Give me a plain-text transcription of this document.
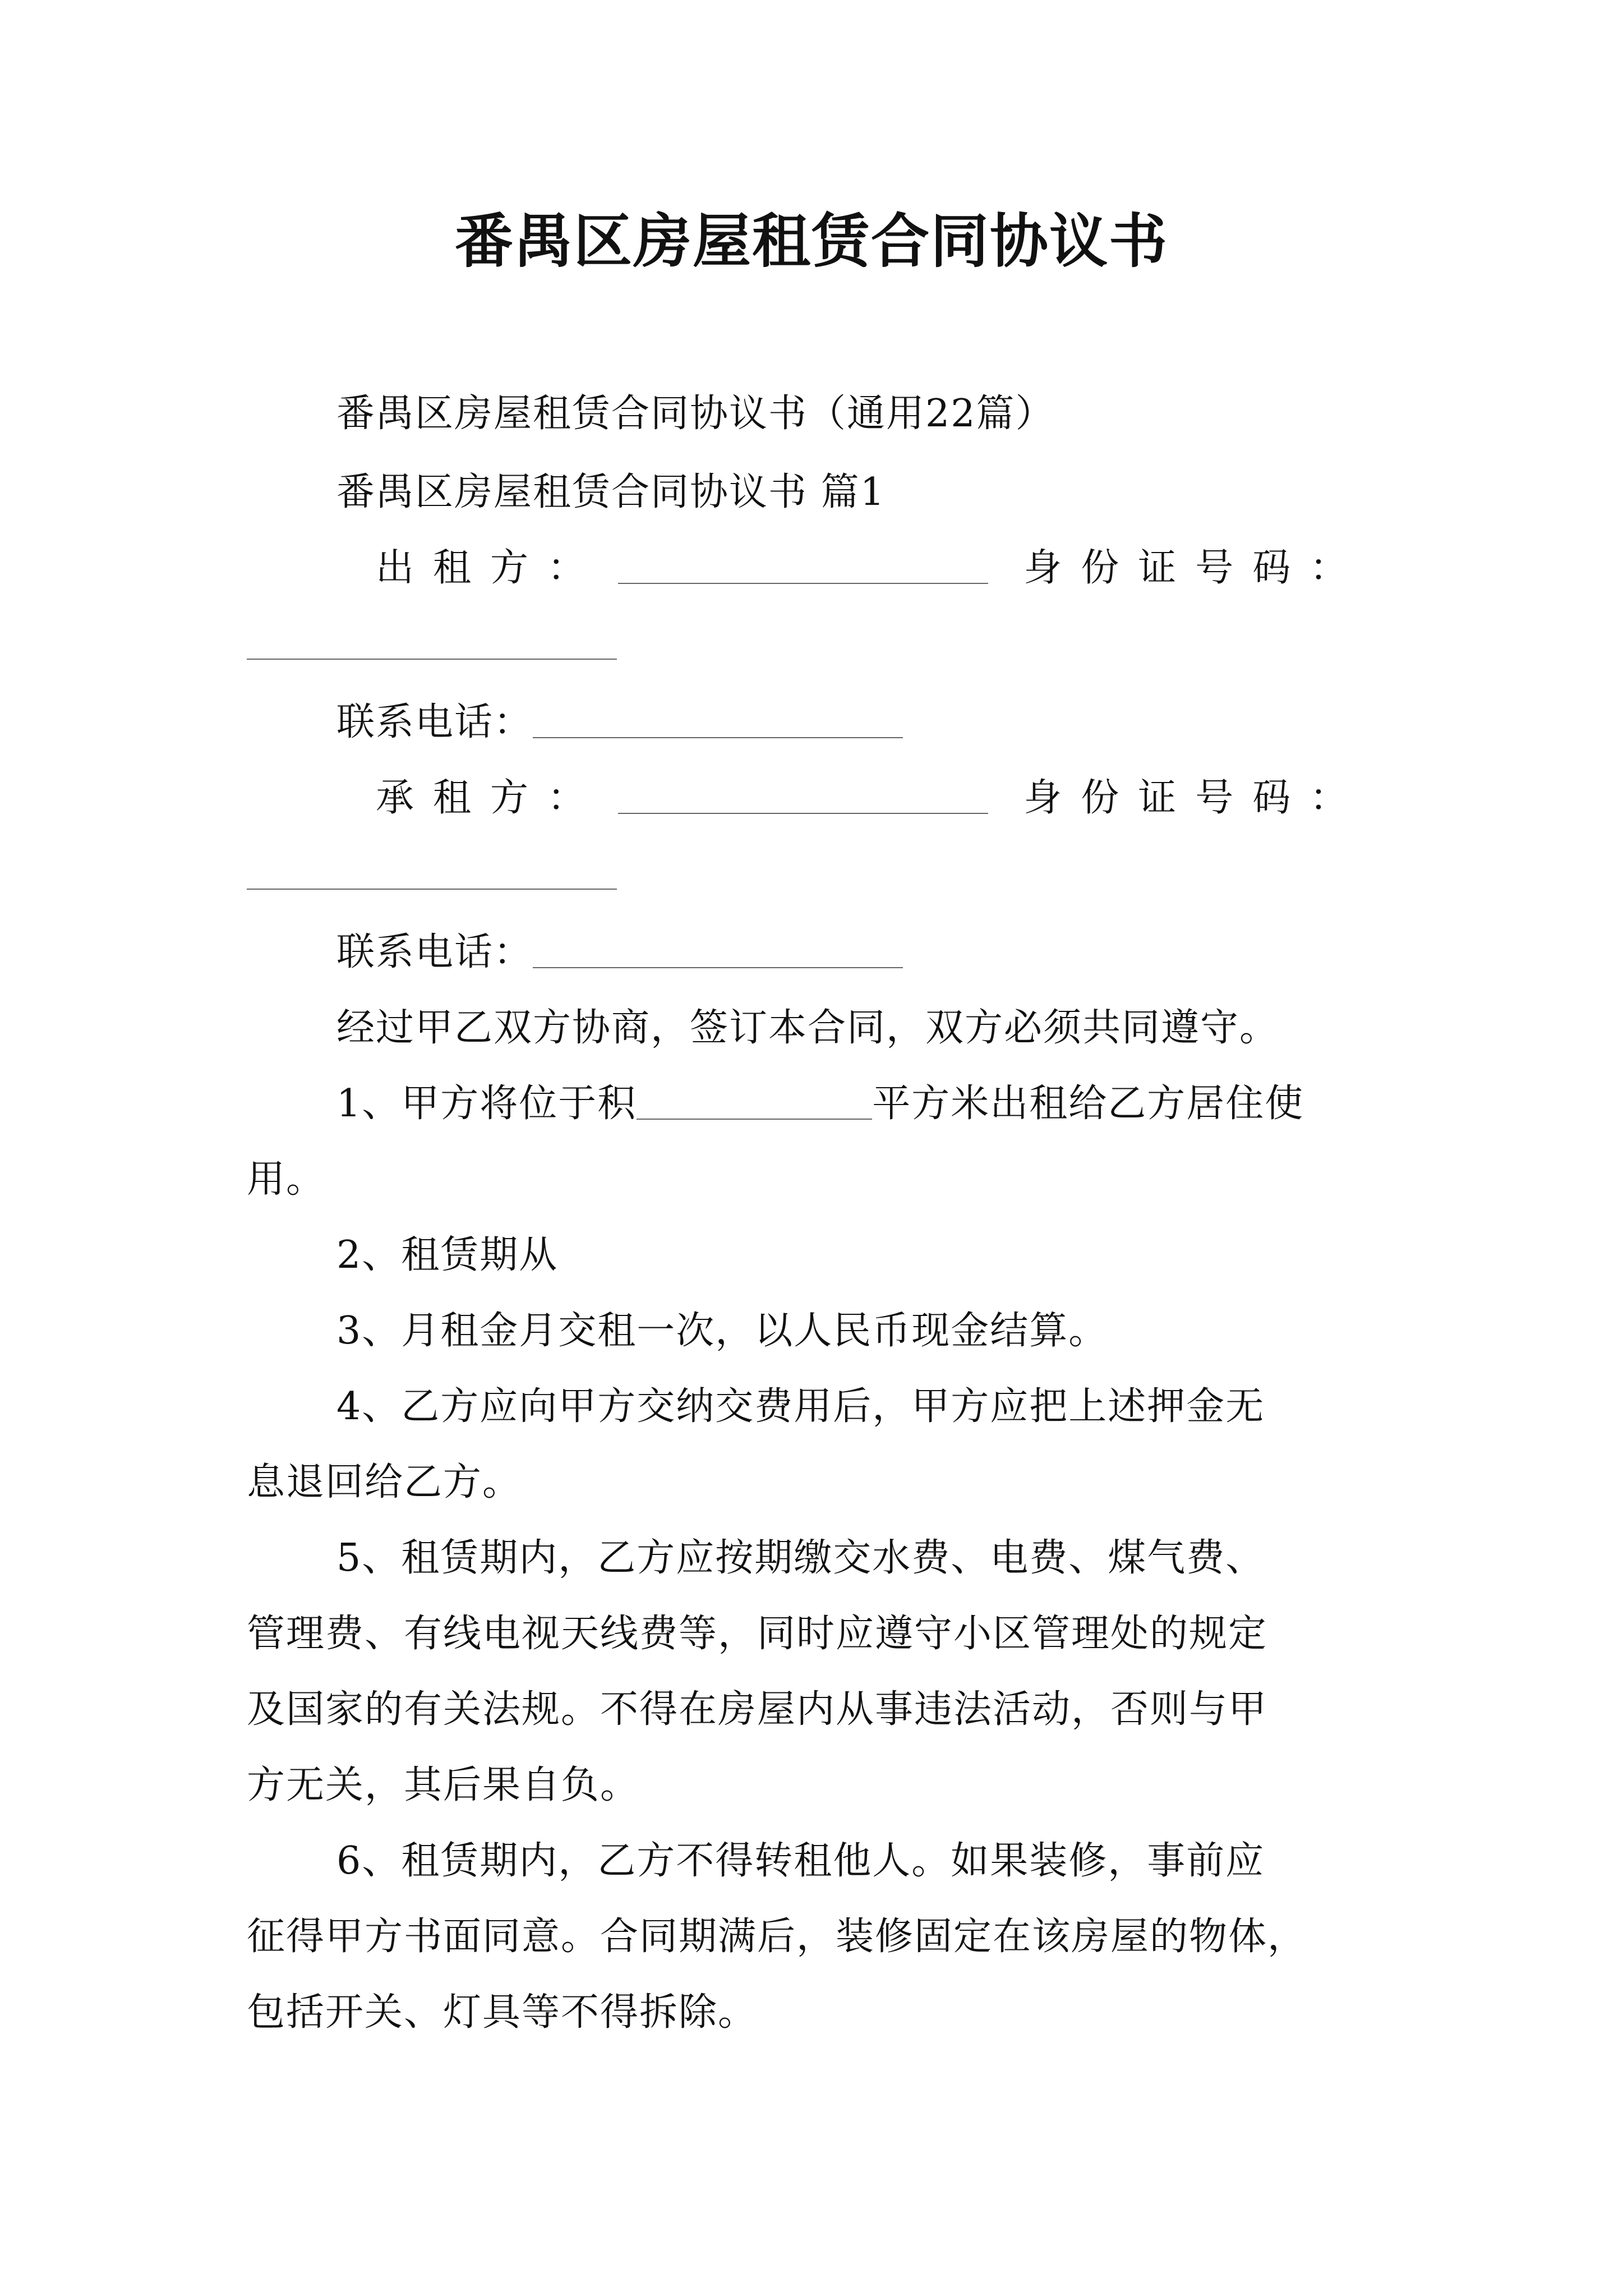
番禺区房屋租赁合同协议书
番禺区房屋租赁合同协议书（通用22篇）
番禺区房屋租赁合同协议书 篇1
出租方：	身份证号码：
联系电话：
承租方：	身份证号码：
联系电话：
经过甲乙双方协商，签订本合同，双方必须共同遵守。
1、甲方将位于积	平方米出租给乙方居住使
用。
2、租赁期从
3、月租金月交租一次，以人民币现金结算。
4、乙方应向甲方交纳交费用后，甲方应把上述押金无
息退回给乙方。
5、租赁期内，乙方应按期缴交水费、电费、煤气费、
管理费、有线电视天线费等，同时应遵守小区管理处的规定
及国家的有关法规。不得在房屋内从事违法活动，否则与甲
方无关，其后果自负。
6、租赁期内，乙方不得转租他人。如果装修，事前应
征得甲方书面同意。合同期满后，装修固定在该房屋的物体，
包括开关、灯具等不得拆除。
